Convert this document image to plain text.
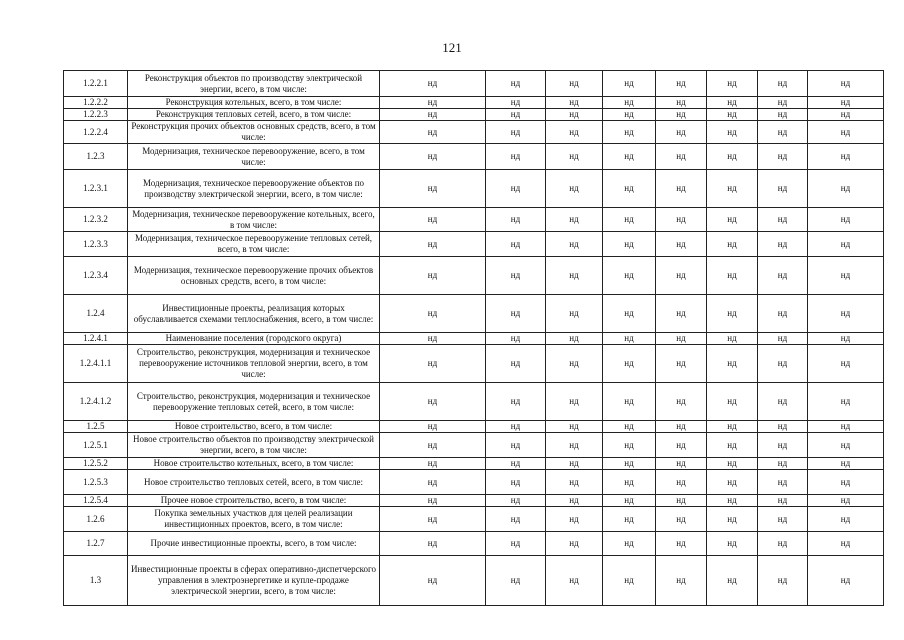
121
1.2.2.1	Реконструкция объектов по производству электрической энергии, всего, в том числе:	нд	нд	нд	нд	нд	нд	нд	нд
1.2.2.2	Реконструкция котельных, всего, в том числе:	нд	нд	нд	нд	нд	нд	нд	нд
1.2.2.3	Реконструкция тепловых сетей, всего, в том числе:	нд	нд	нд	нд	нд	нд	нд	нд
1.2.2.4	Реконструкция прочих объектов основных средств, всего, в том числе:	нд	нд	нд	нд	нд	нд	нд	нд
1.2.3	Модернизация, техническое перевооружение, всего, в том числе:	нд	нд	нд	нд	нд	нд	нд	нд
1.2.3.1	Модернизация, техническое перевооружение объектов по производству электрической энергии, всего, в том числе:	нд	нд	нд	нд	нд	нд	нд	нд
1.2.3.2	Модернизация, техническое перевооружение котельных, всего, в том числе:	нд	нд	нд	нд	нд	нд	нд	нд
1.2.3.3	Модернизация, техническое перевооружение тепловых сетей, всего, в том числе:	нд	нд	нд	нд	нд	нд	нд	нд
1.2.3.4	Модернизация, техническое перевооружение прочих объектов основных средств, всего, в том числе:	нд	нд	нд	нд	нд	нд	нд	нд
1.2.4	Инвестиционные проекты, реализация которых обуславливается схемами теплоснабжения, всего, в том числе:	нд	нд	нд	нд	нд	нд	нд	нд
1.2.4.1	Наименование поселения (городского округа)	нд	нд	нд	нд	нд	нд	нд	нд
1.2.4.1.1	Строительство, реконструкция, модернизация и техническое перевооружение источников тепловой энергии, всего, в том числе:	нд	нд	нд	нд	нд	нд	нд	нд
1.2.4.1.2	Строительство, реконструкция, модернизация и техническое перевооружение тепловых сетей, всего, в том числе:	нд	нд	нд	нд	нд	нд	нд	нд
1.2.5	Новое строительство, всего, в том числе:	нд	нд	нд	нд	нд	нд	нд	нд
1.2.5.1	Новое строительство объектов по производству электрической энергии, всего, в том числе:	нд	нд	нд	нд	нд	нд	нд	нд
1.2.5.2	Новое строительство котельных, всего, в том числе:	нд	нд	нд	нд	нд	нд	нд	нд
1.2.5.3	Новое строительство тепловых сетей, всего, в том числе:	нд	нд	нд	нд	нд	нд	нд	нд
1.2.5.4	Прочее новое строительство, всего, в том числе:	нд	нд	нд	нд	нд	нд	нд	нд
1.2.6	Покупка земельных участков для целей реализации инвестиционных проектов, всего, в том числе:	нд	нд	нд	нд	нд	нд	нд	нд
1.2.7	Прочие инвестиционные проекты, всего, в том числе:	нд	нд	нд	нд	нд	нд	нд	нд
1.3	Инвестиционные проекты в сферах оперативно-диспетчерского управления в электроэнергетике и купле-продаже электрической энергии, всего, в том числе:	нд	нд	нд	нд	нд	нд	нд	нд
